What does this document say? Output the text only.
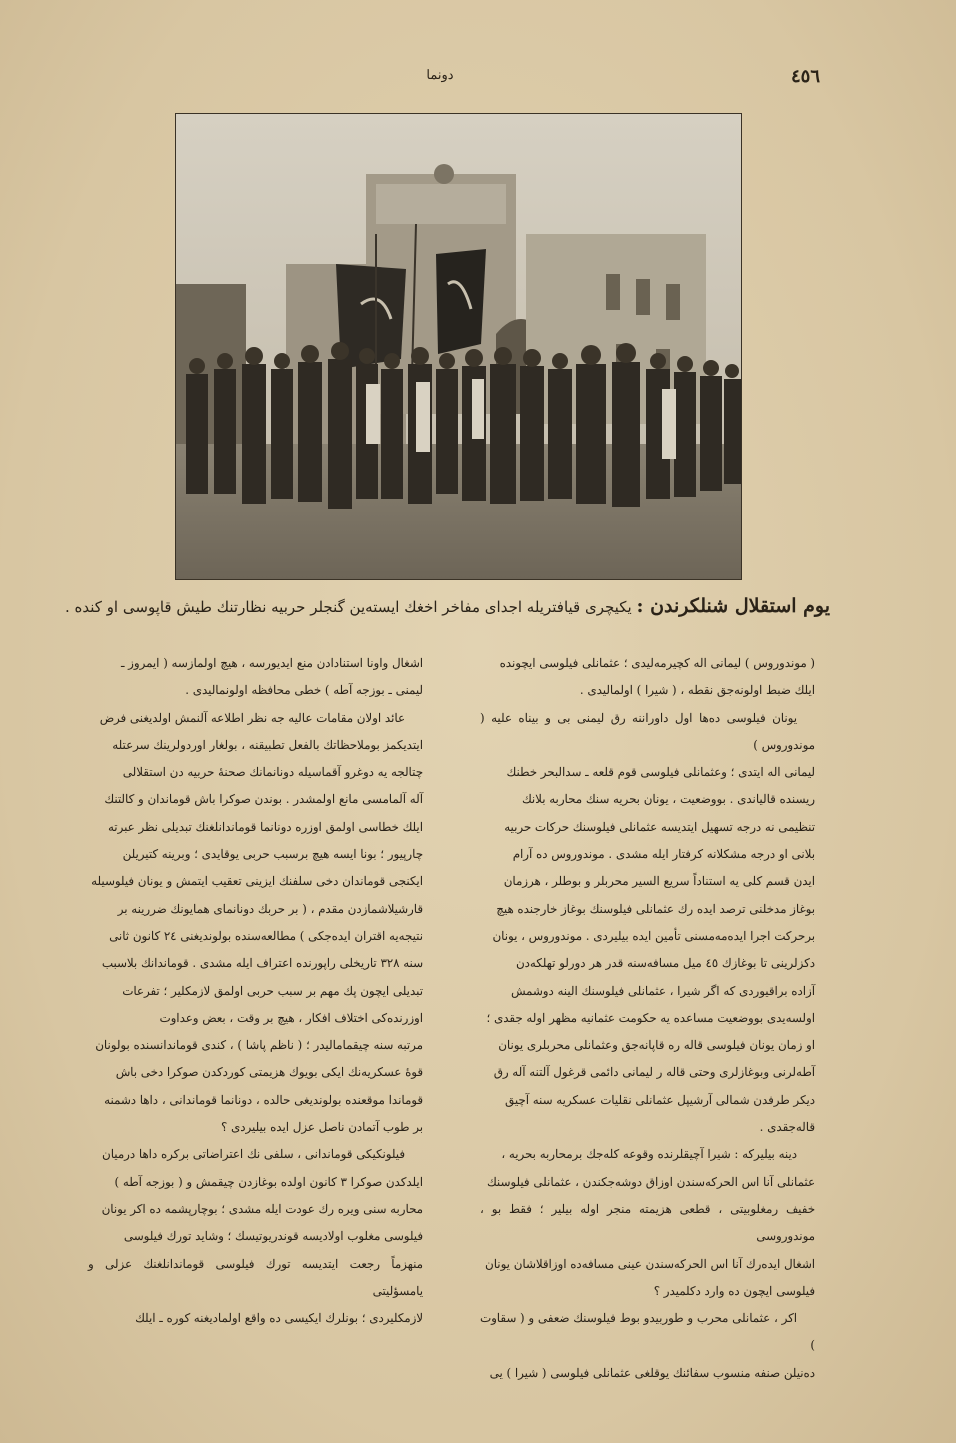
٤٥٦
دونما
یوم استقلال شنلكرندن : یكیچری قیافتریله اجدای مفاخر اخغك ایسته‌ین گنجلر حربیه نظارتنك طیش قاپوسی او كنده .

( موندوروس ) لیمانی اله كچیرمه‌لیدی ؛ عثمانلی فیلوسی ایچونده

ایلك ضبط اولونه‌جق نقطه ، ( شیرا ) اولمالیدی .

یونان فیلوسی ده‌ها اول داوراننه رق لیمنی بی و بیناه علیه ( موندوروس )

لیمانی اله ایتدی ؛ وعثمانلی فیلوسی قوم قلعه ـ سدالبحر خطنك

ریسنده قالیاندی . بووضعیت ، یونان بحریه سنك محاربه بلانك

تنظیمی نه درجه تسهیل ایتدیسه عثمانلی فیلوسنك حركات حربیه

بلانی او درجه مشكلانه كرفتار ایله مشدی . موندوروس ده آرام

ایدن قسم كلی یه استناداً سریع السیر محربلر و بوطلر ، هرزمان

بوغاز مدخلنی ترصد ایده رك عثمانلی فیلوسنك بوغاز خارجنده هیچ

برحركت اجرا ایده‌مه‌مسنی تأمین ایده بیلیردی . موندوروس ، یونان

دكزلرینی تا بوغازك ٤٥ میل مسافه‌سنه قدر هر دورلو تهلكه‌دن

آزاده براقیوردی كه اگر شیرا ، عثمانلی فیلوسنك الینه دوشمش

اولسه‌یدی بووضعیت مساعده یه حكومت عثمانیه مظهر اوله جقدی ؛

او زمان یونان فیلوسی قاله ره قاپانه‌جق وعثمانلی محربلری یونان

آطه‌لرنی وبوغازلری وحتی قاله ر لیمانی دائمی قرغول آلتنه آله رق

دیكر طرفدن شمالی آرشیپل عثمانلی نقلیات عسكریه سنه آچیق

قاله‌جقدی .

دینه بیلیركه : شیرا آچیقلرنده وقوعه كله‌جك برمحاربه بحریه ،

عثمانلی آنا اس الحركه‌سندن اوزاق دوشه‌جكندن ، عثمانلی فیلوسنك

خفیف رمغلوبیتی ، قطعی هزیمته منجر اوله بیلیر ؛ فقط بو ، موندوروسی

اشغال ایده‌رك آنا اس الحركه‌سندن عینی مسافه‌ده اوزاقلاشان یونان

فیلوسی ایچون ده وارد دكلمیدر ؟

اكر ، عثمانلی محرب و طوربیدو بوط فیلوسنك ضعفی و ( سقاوت )

ده‌نیلن صنفه منسوب سفائنك یوقلغی عثمانلی فیلوسی ( شیرا ) یی

اشغال واونا استنادادن منع ایدیورسه ، هیچ اولمازسه ( ایمروز ـ

لیمنی ـ بوزجه آطه ) خطی محافظه اولونمالیدی .

عائد اولان مقامات عالیه جه نظر اطلاعه آلنمش اولدیغنی فرض

ایتدیكمز بوملاحظاتك بالفعل تطبیقنه ، بولغار اوردولرینك سرعتله

چتالجه یه دوغرو آقماسیله دونانمانك صحنهٔ حربیه دن استقلالی

آله آلمامسی مانع اولمشدر . بوندن صوكرا باش قوماندان و كالتنك

ایلك خطاسی اولمق اوزره دونانما قوماندانلغنك تبدیلی نظر عبرته

چارپیور ؛ بونا ایسه هیچ برسبب حربی یوقایدی ؛ وبرینه كتیریلن

ایكنجی قوماندان دخی سلفنك ایزینی تعقیب ایتمش و یونان فیلوسیله

قارشیلاشمازدن مقدم ، ( بر حربك دونانمای همایونك ضررینه بر

نتیجه‌یه اقتران ایده‌جكی ) مطالعه‌سنده بولوندیغنی ٢٤ كانون ثانی

سنه ٣٢٨ تاریخلی راپورنده اعتراف ایله مشدی . قوماندانك بلاسبب

تبدیلی ایچون پك مهم بر سبب حربی اولمق لازمكلیر ؛ تفرعات

اوزرنده‌كی اختلاف افكار ، هیچ بر وقت ، بعض وعداوت

مرتبه سنه چیقمامالیدر ؛ ( ناظم پاشا ) ، كندی قوماندانسنده بولونان

قوهٔ عسكریه‌نك ایكی بویوك هزیمتی كوردكدن صوكرا دخی باش

قوماندا موقعنده بولوندیغی حالده ، دونانما قوماندانی ، داها دشمنه

بر طوب آتمادن ناصل عزل ایده بیلیردی ؟

فیلونكیكی قوماندانی ، سلفی نك اعتراضاتی بركره داها درمیان

ایلدكدن صوكرا ٣ كانون اولده بوغازدن چیقمش و ( بوزجه آطه )

محاربه سنی ویره رك عودت ایله مشدی ؛ بوچارپشمه ده اكر یونان

فیلوسی مغلوب اولادیسه قوندریوتیسك ؛ وشاید تورك فیلوسی

منهزماً رجعت ایتدیسه تورك فیلوسی قوماندانلغنك عزلی و یامسؤلیتی

لازمكلیردی ؛ بونلرك ایكیسی ده واقع اولمادیغنه كوره ـ ایلك
